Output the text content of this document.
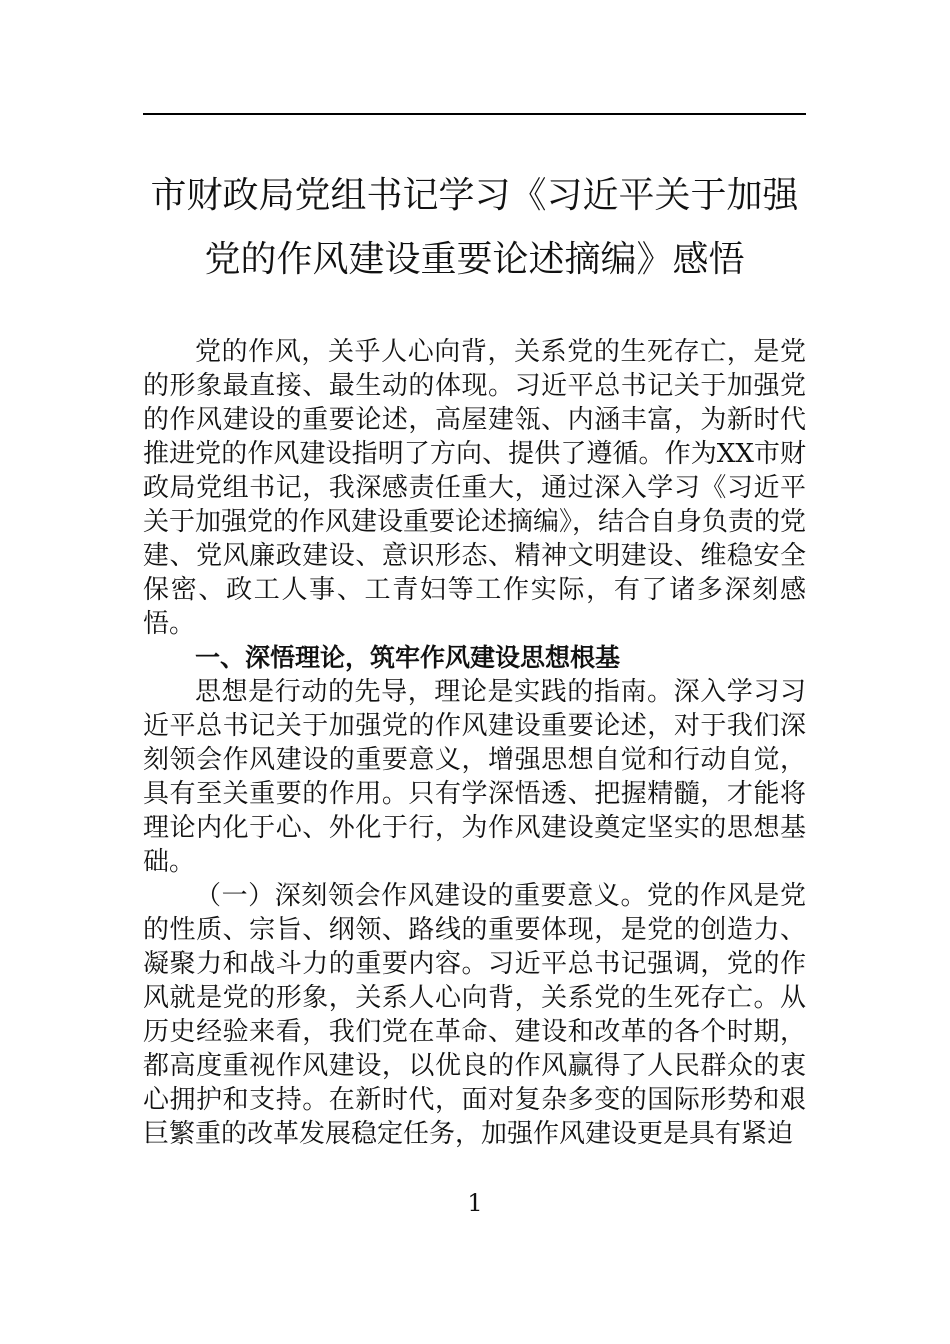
市财政局党组书记学习《习近平关于加强
党的作风建设重要论述摘编》感悟

党的作风，关乎人心向背，关系党的生死存亡，是党的形象最直接、最生动的体现。习近平总书记关于加强党的作风建设的重要论述，高屋建瓴、内涵丰富，为新时代推进党的作风建设指明了方向、提供了遵循。作为XX市财政局党组书记，我深感责任重大，通过深入学习《习近平关于加强党的作风建设重要论述摘编》，结合自身负责的党建、党风廉政建设、意识形态、精神文明建设、维稳安全保密、政工人事、工青妇等工作实际，有了诸多深刻感悟。

一、深悟理论，筑牢作风建设思想根基

思想是行动的先导，理论是实践的指南。深入学习习近平总书记关于加强党的作风建设重要论述，对于我们深刻领会作风建设的重要意义，增强思想自觉和行动自觉，具有至关重要的作用。只有学深悟透、把握精髓，才能将理论内化于心、外化于行，为作风建设奠定坚实的思想基础。

（一）深刻领会作风建设的重要意义。党的作风是党的性质、宗旨、纲领、路线的重要体现，是党的创造力、凝聚力和战斗力的重要内容。习近平总书记强调，党的作风就是党的形象，关系人心向背，关系党的生死存亡。从历史经验来看，我们党在革命、建设和改革的各个时期，都高度重视作风建设，以优良的作风赢得了人民群众的衷心拥护和支持。在新时代，面对复杂多变的国际形势和艰巨繁重的改革发展稳定任务，加强作风建设更是具有紧迫

1
